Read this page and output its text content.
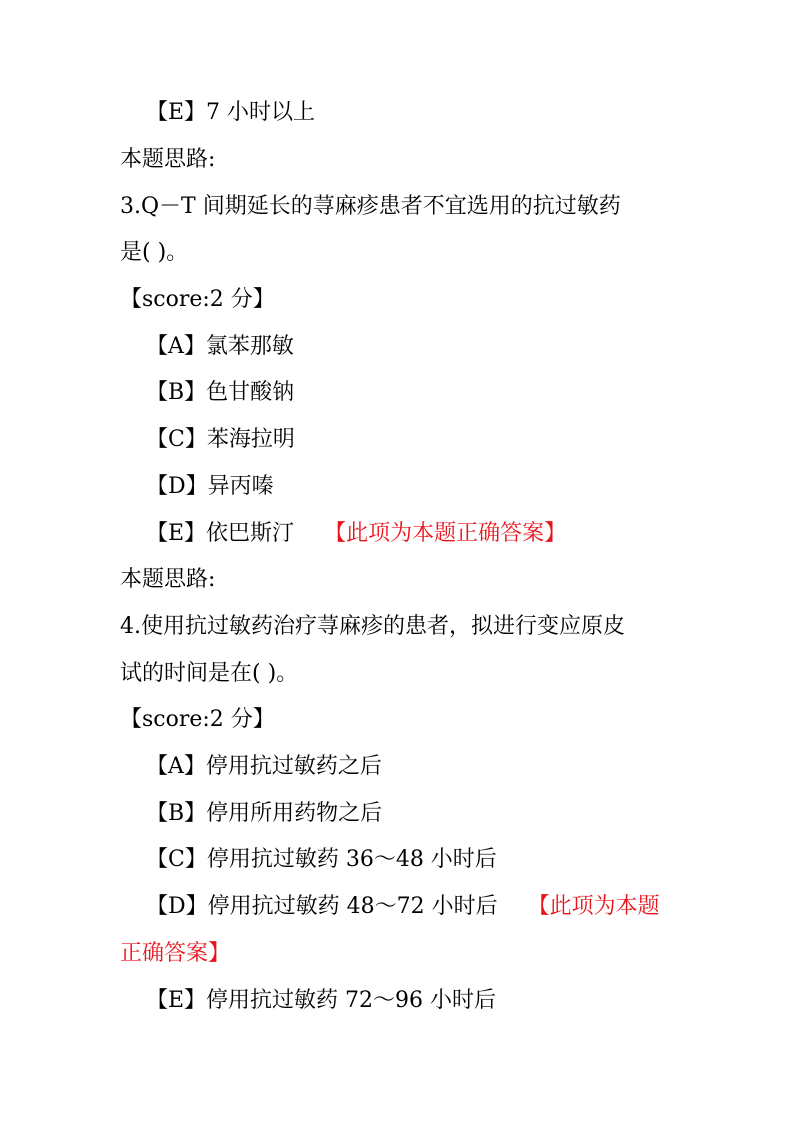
【E】7 小时以上
本题思路:
3.Q－T 间期延长的荨麻疹患者不宜选用的抗过敏药
是( )。
【score:2 分】
【A】氯苯那敏
【B】色甘酸钠
【C】苯海拉明
【D】异丙嗪
【E】依巴斯汀 【此项为本题正确答案】
本题思路:
4.使用抗过敏药治疗荨麻疹的患者，拟进行变应原皮
试的时间是在( )。
【score:2 分】
【A】停用抗过敏药之后
【B】停用所用药物之后
【C】停用抗过敏药 36～48 小时后
【D】停用抗过敏药 48～72 小时后 【此项为本题
正确答案】
【E】停用抗过敏药 72～96 小时后
